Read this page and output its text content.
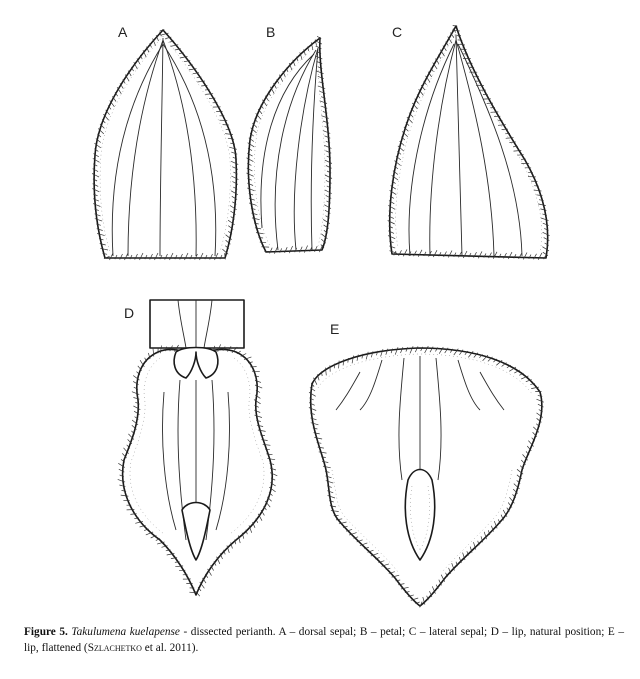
A	B	C
D
E
Figure 5. Takulumena kuelapense - dissected perianth. A – dorsal sepal; B – petal; C – lateral sepal; D – lip, natural position; E – lip, flattened (Szlachetko et al. 2011).
